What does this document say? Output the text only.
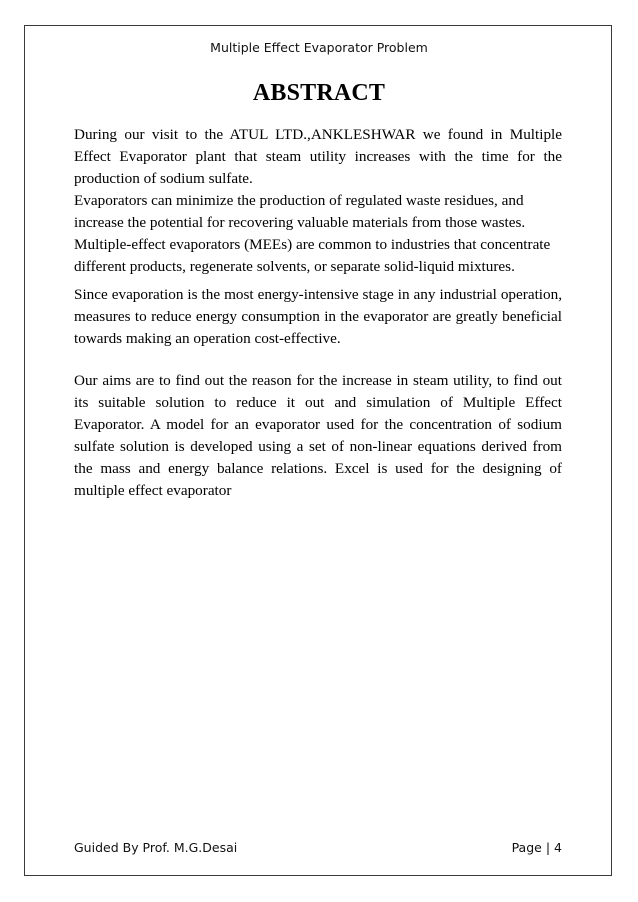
Multiple Effect Evaporator Problem
ABSTRACT

During our visit to the ATUL LTD.,ANKLESHWAR we found in Multiple Effect Evaporator plant that steam utility increases with the time for the production of sodium sulfate.

Evaporators can minimize the production of regulated waste residues, and increase the potential for recovering valuable materials from those wastes.

Multiple-effect evaporators (MEEs) are common to industries that concentrate different products, regenerate solvents, or separate solid-liquid mixtures.

Since evaporation is the most energy-intensive stage in any industrial operation, measures to reduce energy consumption in the evaporator are greatly beneficial towards making an operation cost-effective.

Our aims are to find out the reason for the increase in steam utility, to find out its suitable solution to reduce it out and simulation of Multiple Effect Evaporator. A model for an evaporator used for the concentration of sodium sulfate solution is developed using a set of non-linear equations derived from the mass and energy balance relations. Excel is used for the designing of multiple effect evaporator

Guided By Prof. M.G.Desai	Page | 4
